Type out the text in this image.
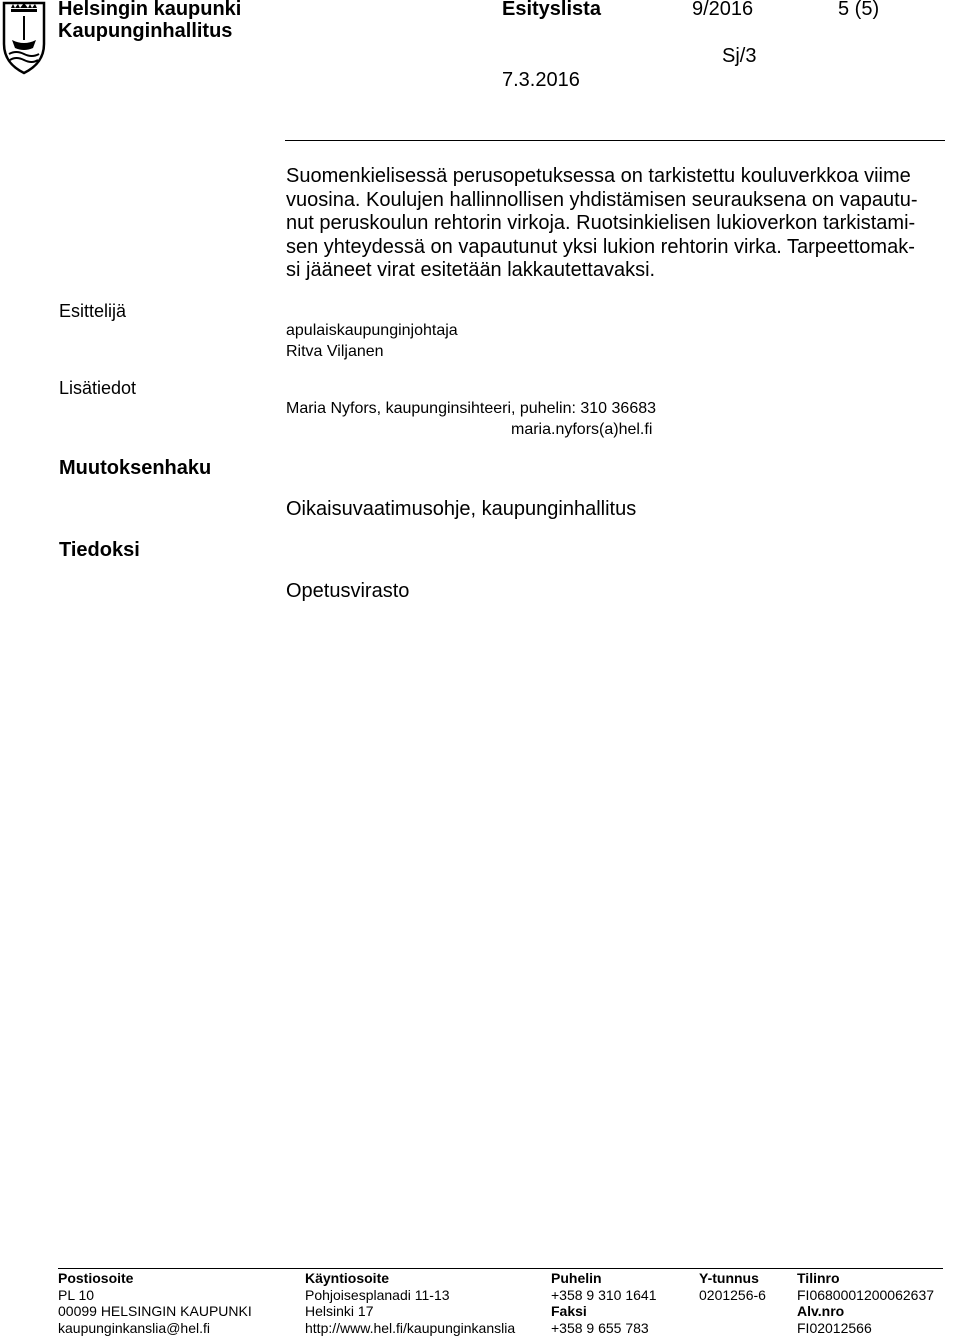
Helsingin kaupunki
Kaupunginhallitus
Esityslista	9/2016	5 (5)
Sj/3
7.3.2016
Suomenkielisessä perusopetuksessa on tarkistettu kouluverkkoa viime
vuosina. Koulujen hallinnollisen yhdistämisen seurauksena on vapautu-
nut peruskoulun rehtorin virkoja. Ruotsinkielisen lukioverkon tarkistami-
sen yhteydessä on vapautunut yksi lukion rehtorin virka. Tarpeettomak-
si jääneet virat esitetään lakkautettavaksi.
Esittelijä
apulaiskaupunginjohtaja
Ritva Viljanen
Lisätiedot
Maria Nyfors, kaupunginsihteeri, puhelin: 310 36683
maria.nyfors(a)hel.fi
Muutoksenhaku
Oikaisuvaatimusohje, kaupunginhallitus
Tiedoksi
Opetusvirasto
Postiosoite
PL 10
00099 HELSINGIN KAUPUNKI
kaupunginkanslia@hel.fi
Käyntiosoite
Pohjoisesplanadi 11-13
Helsinki 17
http://www.hel.fi/kaupunginkanslia
Puhelin
+358 9 310 1641
Faksi
+358 9 655 783
Y-tunnus
0201256-6
Tilinro
FI0680001200062637
Alv.nro
FI02012566
